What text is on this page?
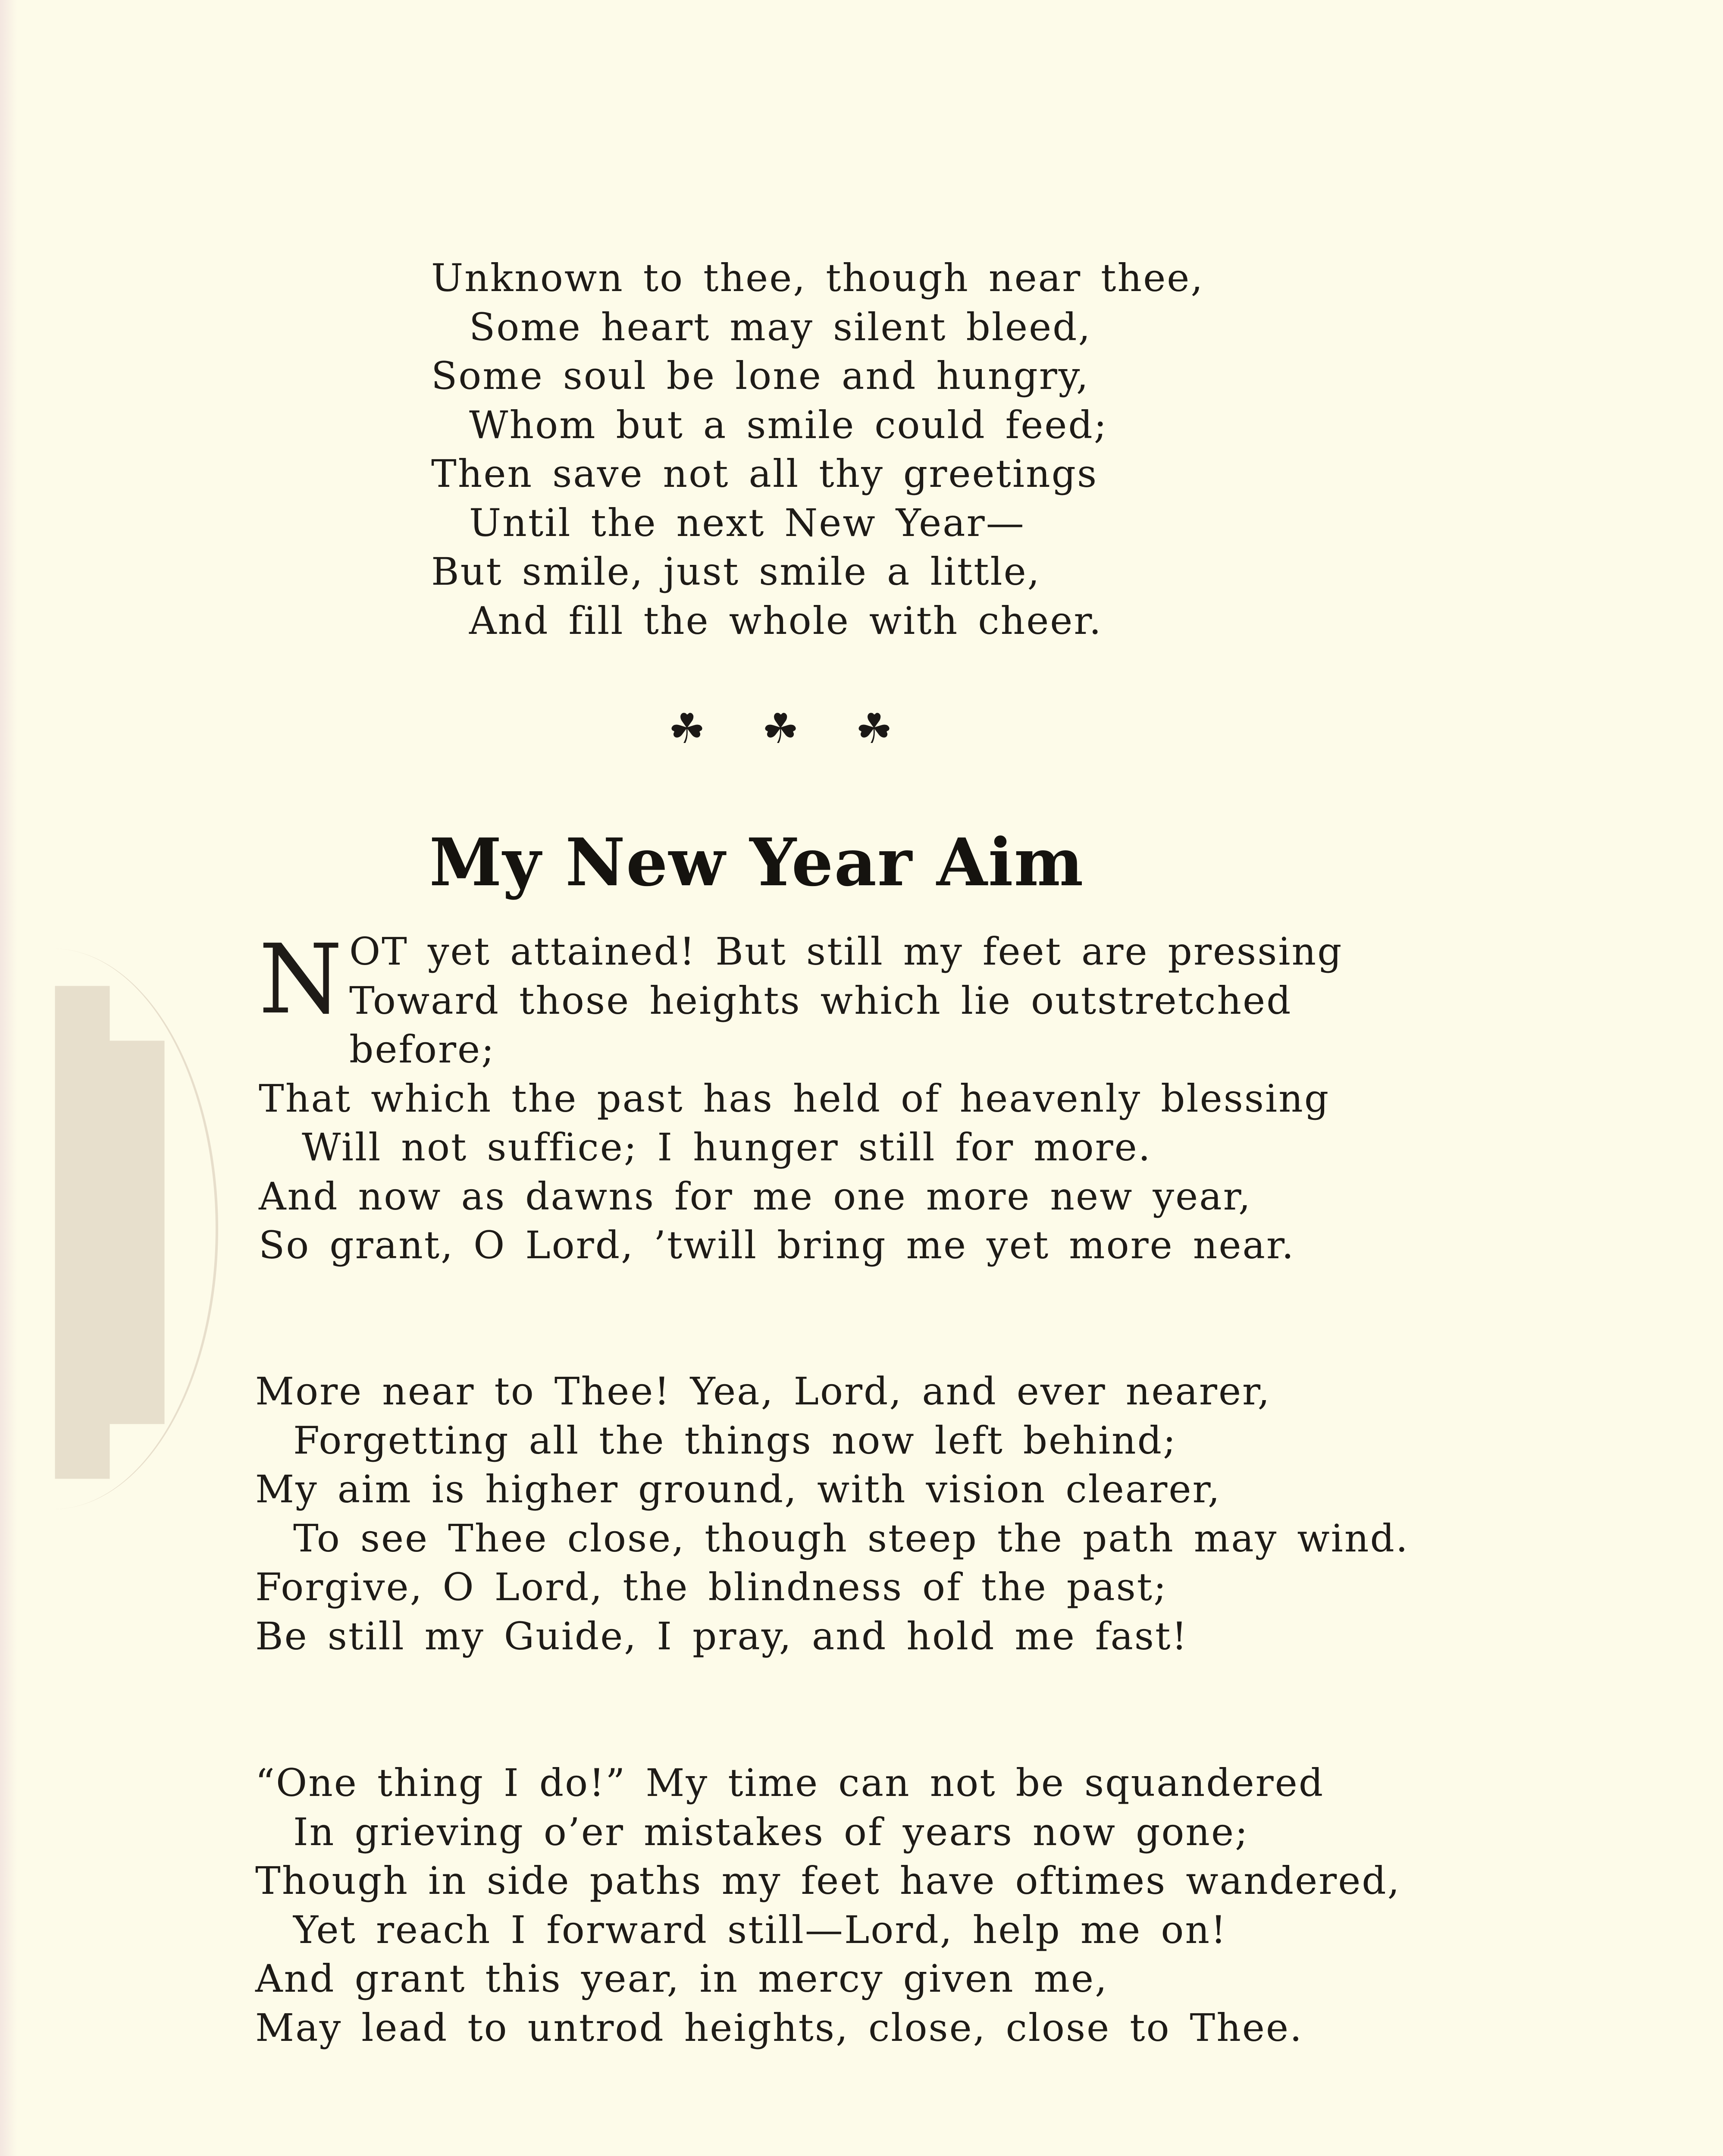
Unknown to thee, though near thee,
Some heart may silent bleed,
Some soul be lone and hungry,
Whom but a smile could feed;
Then save not all thy greetings
Until the next New Year—
But smile, just smile a little,
And fill the whole with cheer.
☘ ☘ ☘
My New Year Aim
N OT yet attained! But still my feet are pressing
Toward those heights which lie outstretched
before;
That which the past has held of heavenly blessing
Will not suffice; I hunger still for more.
And now as dawns for me one more new year,
So grant, O Lord, ’twill bring me yet more near.
More near to Thee! Yea, Lord, and ever nearer,
Forgetting all the things now left behind;
My aim is higher ground, with vision clearer,
To see Thee close, though steep the path may wind.
Forgive, O Lord, the blindness of the past;
Be still my Guide, I pray, and hold me fast!
“One thing I do!” My time can not be squandered
In grieving o’er mistakes of years now gone;
Though in side paths my feet have oftimes wandered,
Yet reach I forward still—Lord, help me on!
And grant this year, in mercy given me,
May lead to untrod heights, close, close to Thee.
